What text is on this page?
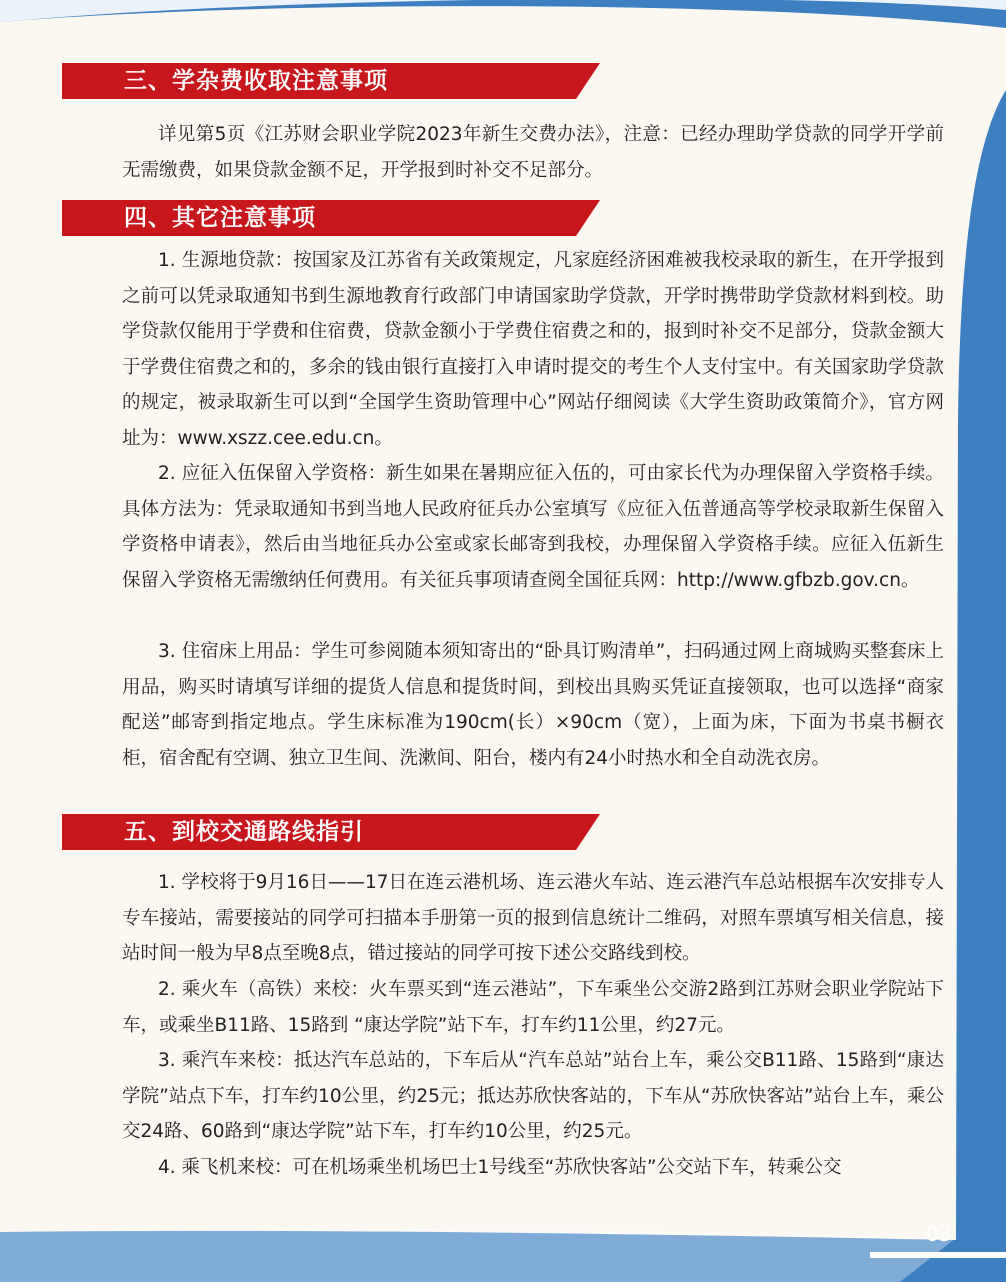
三、学杂费收取注意事项

详见第5页《江苏财会职业学院2023年新生交费办法》，注意：已经办理助学贷款的同学开学前无需缴费，如果贷款金额不足，开学报到时补交不足部分。

四、其它注意事项

1. 生源地贷款：按国家及江苏省有关政策规定，凡家庭经济困难被我校录取的新生，在开学报到之前可以凭录取通知书到生源地教育行政部门申请国家助学贷款，开学时携带助学贷款材料到校。助学贷款仅能用于学费和住宿费，贷款金额小于学费住宿费之和的，报到时补交不足部分，贷款金额大于学费住宿费之和的，多余的钱由银行直接打入申请时提交的考生个人支付宝中。有关国家助学贷款的规定，被录取新生可以到“全国学生资助管理中心”网站仔细阅读《大学生资助政策简介》，官方网址为：www.xszz.cee.edu.cn。

2. 应征入伍保留入学资格：新生如果在暑期应征入伍的，可由家长代为办理保留入学资格手续。具体方法为：凭录取通知书到当地人民政府征兵办公室填写《应征入伍普通高等学校录取新生保留入学资格申请表》，然后由当地征兵办公室或家长邮寄到我校，办理保留入学资格手续。应征入伍新生保留入学资格无需缴纳任何费用。有关征兵事项请查阅全国征兵网：http://www.gfbzb.gov.cn。

3. 住宿床上用品：学生可参阅随本须知寄出的“卧具订购清单”，扫码通过网上商城购买整套床上用品，购买时请填写详细的提货人信息和提货时间，到校出具购买凭证直接领取，也可以选择“商家配送”邮寄到指定地点。学生床标准为190cm(长）×90cm（宽），上面为床，下面为书桌书橱衣柜，宿舍配有空调、独立卫生间、洗漱间、阳台，楼内有24小时热水和全自动洗衣房。

五、到校交通路线指引

1. 学校将于9月16日——17日在连云港机场、连云港火车站、连云港汽车总站根据车次安排专人专车接站，需要接站的同学可扫描本手册第一页的报到信息统计二维码，对照车票填写相关信息，接站时间一般为早8点至晚8点，错过接站的同学可按下述公交路线到校。

2. 乘火车（高铁）来校：火车票买到“连云港站”，下车乘坐公交游2路到江苏财会职业学院站下车，或乘坐B11路、15路到 “康达学院”站下车，打车约11公里，约27元。

3. 乘汽车来校：抵达汽车总站的，下车后从“汽车总站”站台上车，乘公交B11路、15路到“康达学院”站点下车，打车约10公里，约25元；抵达苏欣快客站的，下车从“苏欣快客站”站台上车，乘公交24路、60路到“康达学院”站下车，打车约10公里，约25元。

4. 乘飞机来校：可在机场乘坐机场巴士1号线至“苏欣快客站”公交站下车，转乘公交

03
